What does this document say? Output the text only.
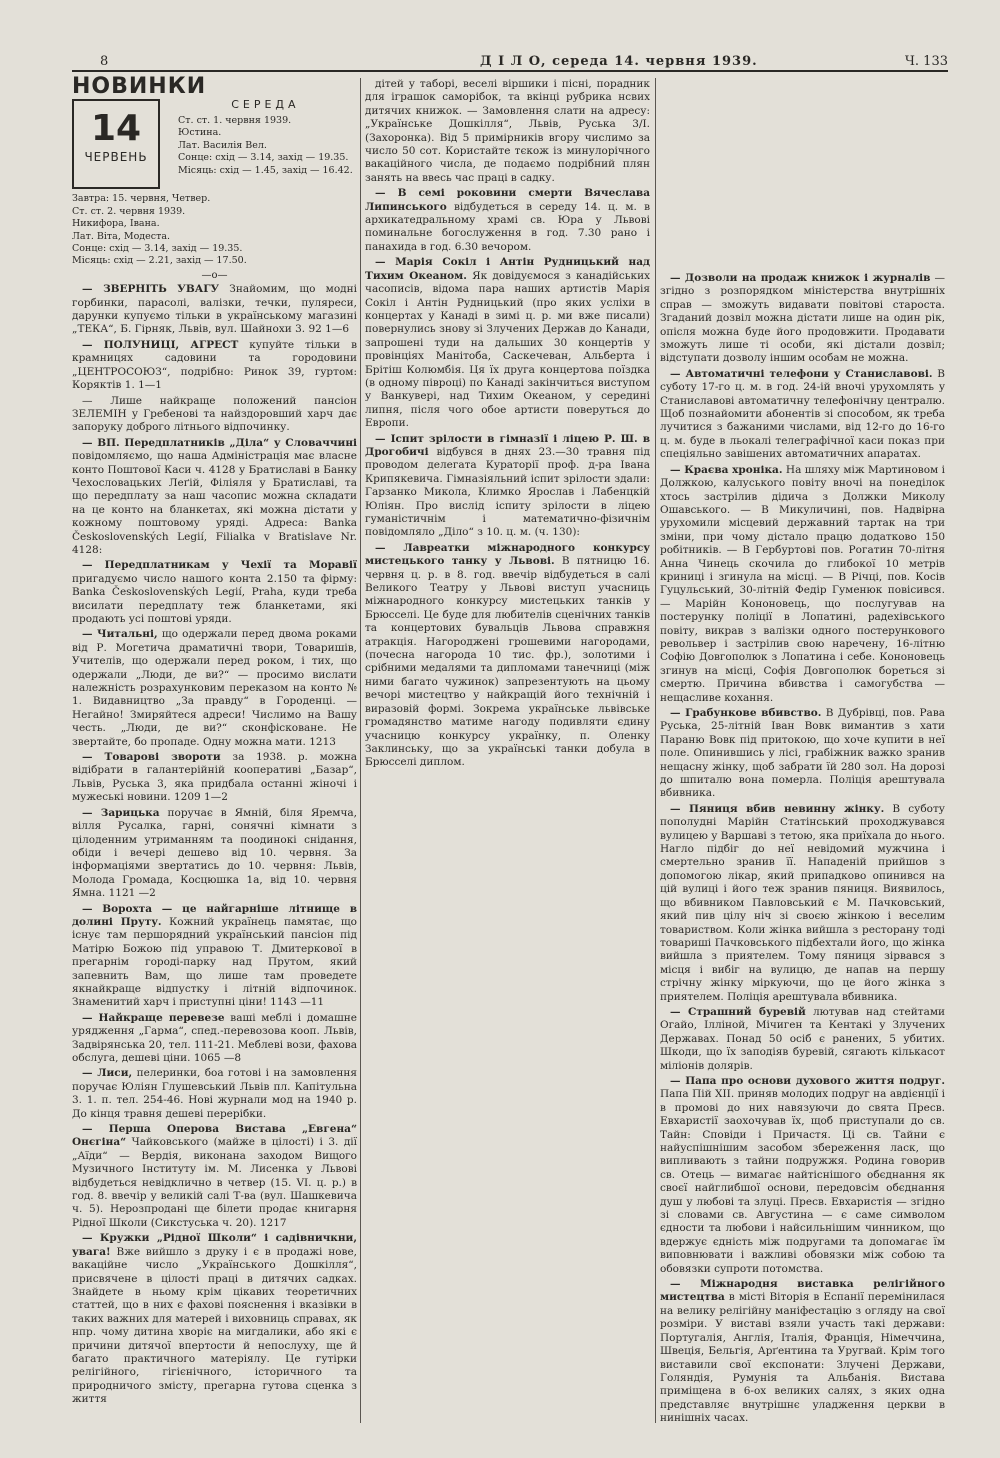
8	Д І Л О, середа 14. червня 1939.	Ч. 133
НОВИНКИ
14
ЧЕРВЕНЬ
СЕРЕДА
Ст. ст. 1. червня 1939.
Юстина.
Лат. Василія Вел.
Сонце: схід — 3.14, захід — 19.35.
Місяць: схід — 1.45, захід — 16.42.
Завтра: 15. червня, Четвер.
Ст. ст. 2. червня 1939.
Никифора, Івана.
Лат. Віта, Модеста.
Сонце: схід — 3.14, захід — 19.35.
Місяць: схід — 2.21, захід — 17.50.
—о—

— ЗВЕРНІТЬ УВАГУ Знайомим, що модні горбинки, парасолі, валізки, течки, пуляреси, дарунки купуємо тільки в українському магазині „ТЕКА“, Б. Гірняк, Львів, вул. Шайнохи 3. 92 1—6

— ПОЛУНИЦІ, АГРЕСТ купуйте тільки в крамницях садовини та городовини „ЦЕНТРОСОЮЗ“, подрібно: Ринок 39, гуртом: Коряктів 1. 1—1

— Лише найкраще положений пансіон ЗЕЛЕМІН у Гребенові та найздоровший харч дає запоруку доброго літнього відпочинку.

— ВП. Передплатників „Діла“ у Словаччині повідомляємо, що наша Адміністрація має власне конто Поштової Каси ч. 4128 у Братиславі в Банку Чехословацьких Леґій, Філіяля у Братиславі, та що передплату за наш часопис можна складати на це конто на бланкетах, які можна дістати у кожному поштовому уряді. Адреса: Banka Československých Legií, Filialka v Bratislave Nr. 4128:

— Передплатникам у Чехії та Моравії пригадуємо число нашого конта 2.150 та фірму: Banka Československých Legií, Praha, куди треба висилати передплату теж бланкетами, які продають усі поштові уряди.

— Читальні, що одержали перед двома роками від Р. Могетича драматичні твори, Товаришів, Учителів, що одержали перед роком, і тих, що одержали „Люди, де ви?“ — просимо вислати належність розрахунковим переказом на конто № 1. Видавництво „За правду“ в Городенці. — Негайно! Змиряйтеся адреси! Числимо на Вашу честь. „Люди, де ви?“ сконфісковане. Не звертайте, бо пропаде. Одну можна мати. 1213

— Товарові звороти за 1938. р. можна відібрати в галантерійній кооперативі „Базар“, Львів, Руська 3, яка придбала останні жіночі і мужеські новини. 1209 1—2

— Зарицька поручає в Ямній, біля Яремча, вілля Русалка, гарні, сонячні кімнати з цілоденним утриманням та поодинокі снідання, обіди і вечері дешево від 10. червня. За інформаціями звертатись до 10. червня: Львів, Молода Громада, Косцюшка 1а, від 10. червня Ямна. 1121 —2

— Ворохта — це найгарніше літнище в долині Пруту. Кожний українець памятає, що існує там першорядний український пансіон під Матірю Божою під управою Т. Дмитеркової в прегарнім городі-парку над Прутом, який запевнить Вам, що лише там проведете якнайкраще відпустку і літній відпочинок. Знаменитий харч і приступні ціни! 1143 —11

— Найкраще перевезе ваші меблі і домашне урядження „Гарма“, спед.-перевозова кооп. Львів, Задвірянська 20, тел. 111-21. Меблеві вози, фахова обслуга, дешеві ціни. 1065 —8

— Лиси, пелеринки, боа готові і на замовлення поручає Юліян Глушевський Львів пл. Капітульна 3. 1. п. тел. 254-46. Нові журнали мод на 1940 р. До кінця травня дешеві перерібки.

— Перша Оперова Вистава „Евгена“ Онєгіна“ Чайковського (майже в цілості) і 3. дії „Аїди“ — Вердія, виконана заходом Вищого Музичного Інституту ім. М. Лисенка у Львові відбудеться невідклично в четвер (15. VI. ц. р.) в год. 8. ввечір у великій салі Т-ва (вул. Шашкевича ч. 5). Нерозпродані ще білети продає книгарня Рідної Школи (Сикстуська ч. 20). 1217

— Кружки „Рідної Школи“ і садівничкни, увага! Вже вийшло з друку і є в продажі нове, вакаційне число „Українського Дошкілля“, присвячене в цілості праці в дитячих садках. Знайдете в ньому крім цікавих теоретичних статтей, що в них є фахові пояснення і вказівки в таких важних для матерей і виховниць справах, як нпр. чому дитина хворіє на мигдалики, або які є причини дитячої впертости й непослуху, ще й багато практичного матеріялу. Це гутірки релігійного, гігієнічного, історичного та природничого змісту, прегарна гутова сценка з життя

дітей у таборі, веселі віршики і пісні, порадник для іграшок саморібок, та вкінці рубрика нсвих дитячих книжок. — Замовлення слати на адресу: „Українське Дошкілля“, Львів, Руська 3/І. (Захоронка). Від 5 примірників вгору числимо за число 50 сот. Користайте тєкож із минулорічного вакаційного числа, де подаємо подрібний плян занять на ввесь час праці в садку.

— В семі роковини смерти Вячеслава Липинського відбудеться в середу 14. ц. м. в архикатедральному храмі св. Юра у Львові поминальне богослуження в год. 7.30 рано і панахида в год. 6.30 вечором.

— Марія Сокіл і Антін Рудницький над Тихим Океаном. Як довідуємося з канадійських часописів, відома пара наших артистів Марія Сокіл і Антін Рудницький (про яких усліхи в концертах у Канаді в зимі ц. р. ми вже писали) повернулись знову зі Злучених Держав до Канади, запрошені туди на дальших 30 концертів у провінціях Манітоба, Саскечеван, Альберта і Брітіш Колюмбія. Ця їх друга концертова поїздка (в одному півроці) по Канаді закінчиться виступом у Ванкувері, над Тихим Океаном, у середині липня, після чого обое артисти поверуться до Европи.

— Іспит зрілости в гімназії і ліцею Р. Ш. в Дрогобичі відбувся в днях 23.—30 травня під проводом делегата Кураторії проф. д-ра Івана Крипякевича. Гімназіяльний іспит зрілости здали: Гарзанко Микола, Климко Ярослав і Лабенцкій Юліян. Про вислід іспиту зрілости в ліцею гуманістичнім і математично-фізичнім повідомляло „Діло“ з 10. ц. м. (ч. 130):

— Лавреатки міжнародного конкурсу мистецького танку у Львові. В пятницю 16. червня ц. р. в 8. год. ввечір відбудеться в салі Великого Театру у Львові виступ учасниць міжнародного конкурсу мистецьких танків у Брюсселі. Це буде для любителів сценічних танків та концертових бувальців Львова справжня атракція. Нагороджені грошевими нагородами, (почесна нагорода 10 тис. фр.), золотими і срібними медалями та дипломами танечниці (між ними багато чужинок) запрезентують на цьому вечорі мистецтво у найкращій його технічній і виразовій формі. Зокрема українське львівське громадянство матиме нагоду подивляти єдину учасницю конкурсу українку, п. Оленку Заклинську, що за українські танки добула в Брюсселі диплом.

— Дозволи на продаж книжок і журналів — згідно з розпорядком міністерства внутрішніх справ — зможуть видавати повітові староста. Згаданий дозвіл можна дістати лише на один рік, опісля можна буде його продовжити. Продавати зможуть лише ті особи, які дістали дозвіл; відступати дозволу іншим особам не можна.

— Автоматичні телефони у Станиславові. В суботу 17-го ц. м. в год. 24-ій вночі урухомлять у Станиславові автоматичну телефонічну централю. Щоб познайомити абонентів зі способом, як треба лучитися з бажаними числами, від 12-го до 16-го ц. м. буде в льокалі телеграфічної каси показ при спеціяльно завішених автоматичних апаратах.

— Краєва хроніка. На шляху між Мартиновом і Должкою, калуського повіту вночі на понеділок хтось застрілив дідича з Должки Миколу Ошавського. — В Микуличині, пов. Надвірна урухомили місцевий державний тартак на три зміни, при чому дістало працю додатково 150 робітників. — В Гербуртові пов. Рогатин 70-літня Анна Чинець скочила до глибокої 10 метрів криниці і згинула на місці. — В Річці, пов. Косів Гуцульський, 30-літній Федір Гуменюк повісився. — Марійн Кононовець, що послугував на постерунку поліції в Лопатині, радехівського повіту, викрав з валізки одного постерункового револьвер і застрілив свою наречену, 16-літню Софію Довгополюк з Лопатина і себе. Кононовець згинув на місці, Софія Довгополюк бореться зі смертю. Причина вбивства і самогубства — нещасливе кохання.

— Грабункове вбивство. В Дубрівці, пов. Рава Руська, 25-літній Іван Вовк вимантив з хати Параню Вовк під притокою, що хоче купити в неї поле. Опинившись у лісі, грабіжник важко зранив нещасну жінку, щоб забрати їй 280 зол. На дорозі до шпиталю вона померла. Поліція арештувала вбивника.

— Пяниця вбив невинну жінку. В суботу пополудні Марійн Статінський проходжувався вулицею у Варшаві з тетою, яка приїхала до нього. Нагло підбіг до неї невідомий мужчина і смертельно зранив її. Нападеній прийшов з допомогою лікар, який припадково опинився на цій вулиці і його теж зранив пяниця. Виявилось, що вбивником Павловський є М. Пачковський, який пив цілу ніч зі своєю жінкою і веселим товариством. Коли жінка вийшла з ресторану тоді товариші Пачковського підбехтали його, що жінка вийшла з приятелем. Тому пяниця зірвався з місця і вибіг на вулицю, де напав на першу стрічну жінку міркуючи, що це його жінка з приятелем. Поліція арештувала вбивника.

— Страшний буревій лютував над стейтами Огайо, Ілліной, Мічиген та Кентакі у Злучених Державах. Понад 50 осіб є ранених, 5 убитих. Шкоди, що їх заподіяв буревій, сягають кількасот міліонів долярів.

— Папа про основи духового життя подруг. Папа Пій XII. приняв молодих подруг на авдієнції і в промові до них навязуючи до свята Пресв. Евхаристії заохочував їх, щоб приступали до св. Тайн: Сповіди і Причастя. Ці св. Тайни є найуспішнішим засобом збереження ласк, що випливають з тайни подружжя. Родина говорив св. Отець — вимагає найтіснішого обєднання як своєї найглибшої основи, передовсім обєднання душ у любові та злуці. Пресв. Евхаристія — згідно зі словами св. Августина — є саме символом єдности та любови і найсильнішим чинником, що вдержує єдність між подругами та допомагає їм виповнювати і важливі обовязки між собою та обовязки супроти потомства.

— Міжнародня виставка релігійного мистецтва в місті Віторія в Еспанії перемінилася на велику релігійну маніфестацію з огляду на свої розміри. У виставі взяли участь такі держави: Португалія, Англія, Італія, Франція, Німеччина, Швеція, Бельгія, Арґентина та Уругвай. Крім того виставили свої експонати: Злучені Держави, Голяндія, Румунія та Альбанія. Вистава приміщена в 6-ох великих салях, з яких одна представляє внутрішнє уладження церкви в нинішніх часах.
